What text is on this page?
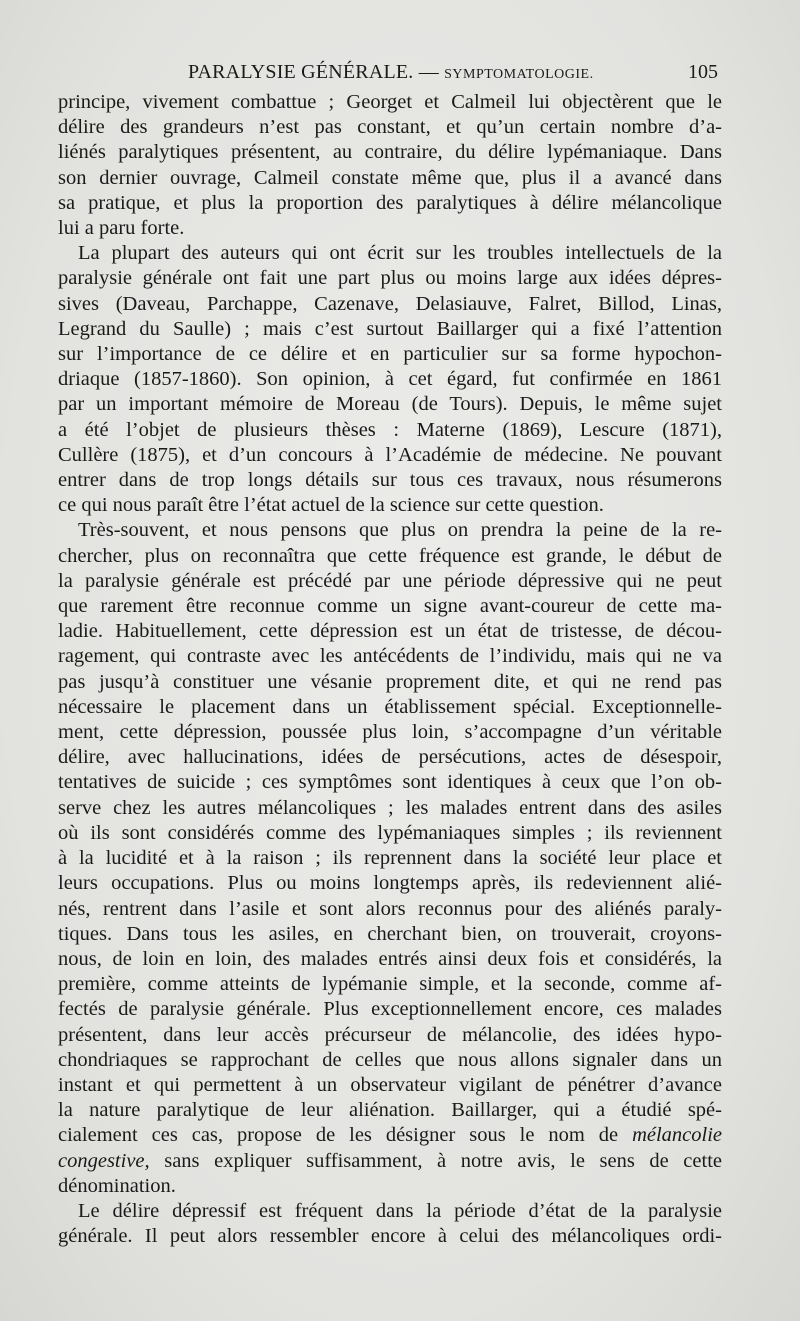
PARALYSIE GÉNÉRALE. — SYMPTOMATOLOGIE.	105
principe, vivement combattue ; Georget et Calmeil lui objectèrent que le
délire des grandeurs n’est pas constant, et qu’un certain nombre d’a-
liénés paralytiques présentent, au contraire, du délire lypémaniaque. Dans
son dernier ouvrage, Calmeil constate même que, plus il a avancé dans
sa pratique, et plus la proportion des paralytiques à délire mélancolique
lui a paru forte.
La plupart des auteurs qui ont écrit sur les troubles intellectuels de la
paralysie générale ont fait une part plus ou moins large aux idées dépres-
sives (Daveau, Parchappe, Cazenave, Delasiauve, Falret, Billod, Linas,
Legrand du Saulle) ; mais c’est surtout Baillarger qui a fixé l’attention
sur l’importance de ce délire et en particulier sur sa forme hypochon-
driaque (1857-1860). Son opinion, à cet égard, fut confirmée en 1861
par un important mémoire de Moreau (de Tours). Depuis, le même sujet
a été l’objet de plusieurs thèses : Materne (1869), Lescure (1871),
Cullère (1875), et d’un concours à l’Académie de médecine. Ne pouvant
entrer dans de trop longs détails sur tous ces travaux, nous résumerons
ce qui nous paraît être l’état actuel de la science sur cette question.
Très-souvent, et nous pensons que plus on prendra la peine de la re-
chercher, plus on reconnaîtra que cette fréquence est grande, le début de
la paralysie générale est précédé par une période dépressive qui ne peut
que rarement être reconnue comme un signe avant-coureur de cette ma-
ladie. Habituellement, cette dépression est un état de tristesse, de décou-
ragement, qui contraste avec les antécédents de l’individu, mais qui ne va
pas jusqu’à constituer une vésanie proprement dite, et qui ne rend pas
nécessaire le placement dans un établissement spécial. Exceptionnelle-
ment, cette dépression, poussée plus loin, s’accompagne d’un véritable
délire, avec hallucinations, idées de persécutions, actes de désespoir,
tentatives de suicide ; ces symptômes sont identiques à ceux que l’on ob-
serve chez les autres mélancoliques ; les malades entrent dans des asiles
où ils sont considérés comme des lypémaniaques simples ; ils reviennent
à la lucidité et à la raison ; ils reprennent dans la société leur place et
leurs occupations. Plus ou moins longtemps après, ils redeviennent alié-
nés, rentrent dans l’asile et sont alors reconnus pour des aliénés paraly-
tiques. Dans tous les asiles, en cherchant bien, on trouverait, croyons-
nous, de loin en loin, des malades entrés ainsi deux fois et considérés, la
première, comme atteints de lypémanie simple, et la seconde, comme af-
fectés de paralysie générale. Plus exceptionnellement encore, ces malades
présentent, dans leur accès précurseur de mélancolie, des idées hypo-
chondriaques se rapprochant de celles que nous allons signaler dans un
instant et qui permettent à un observateur vigilant de pénétrer d’avance
la nature paralytique de leur aliénation. Baillarger, qui a étudié spé-
cialement ces cas, propose de les désigner sous le nom de mélancolie
congestive, sans expliquer suffisamment, à notre avis, le sens de cette
dénomination.
Le délire dépressif est fréquent dans la période d’état de la paralysie
générale. Il peut alors ressembler encore à celui des mélancoliques ordi-
